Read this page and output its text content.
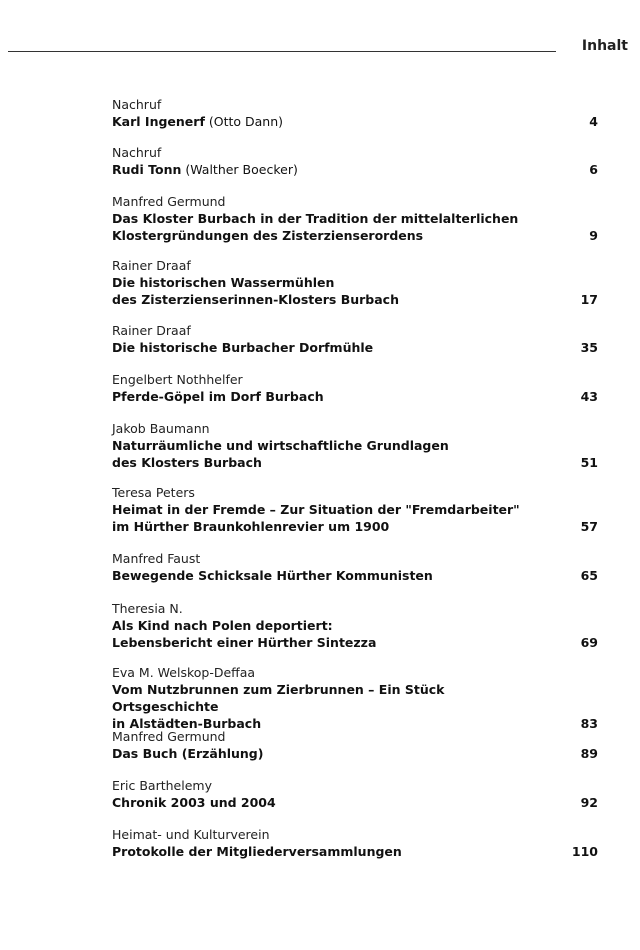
Inhalt
Nachruf
Karl Ingenerf (Otto Dann)	4
Nachruf
Rudi Tonn (Walther Boecker)	6
Manfred Germund
Das Kloster Burbach in der Tradition der mittelalterlichen
Klostergründungen des Zisterzienserordens	9
Rainer Draaf
Die historischen Wassermühlen
des Zisterzienserinnen-Klosters Burbach	17
Rainer Draaf
Die historische Burbacher Dorfmühle	35
Engelbert Nothhelfer
Pferde-Göpel im Dorf Burbach	43
Jakob Baumann
Naturräumliche und wirtschaftliche Grundlagen
des Klosters Burbach	51
Teresa Peters
Heimat in der Fremde – Zur Situation der "Fremdarbeiter"
im Hürther Braunkohlenrevier um 1900	57
Manfred Faust
Bewegende Schicksale Hürther Kommunisten	65
Theresia N.
Als Kind nach Polen deportiert:
Lebensbericht einer Hürther Sintezza	69
Eva M. Welskop-Deffaa
Vom Nutzbrunnen zum Zierbrunnen – Ein Stück Ortsgeschichte
in Alstädten-Burbach	83
Manfred Germund
Das Buch (Erzählung)	89
Eric Barthelemy
Chronik 2003 und 2004	92
Heimat- und Kulturverein
Protokolle der Mitgliederversammlungen	110
